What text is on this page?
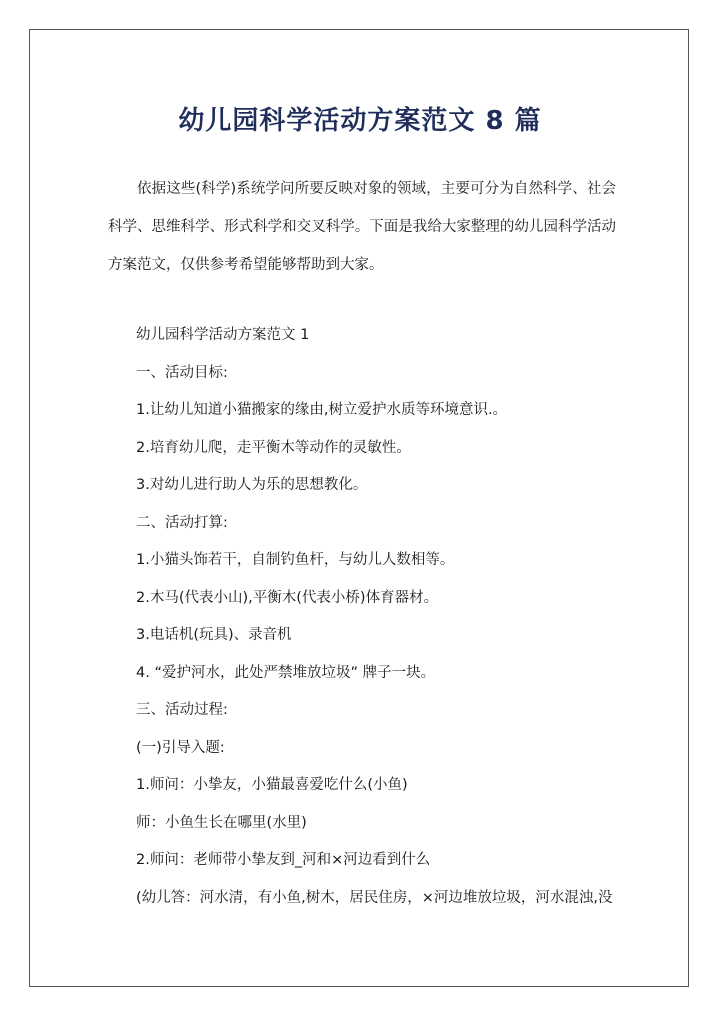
幼儿园科学活动方案范文 8 篇

依据这些(科学)系统学问所要反映对象的领域，主要可分为自然科学、社会科学、思维科学、形式科学和交叉科学。下面是我给大家整理的幼儿园科学活动方案范文，仅供参考希望能够帮助到大家。

幼儿园科学活动方案范文 1
一、活动目标:
1.让幼儿知道小猫搬家的缘由,树立爱护水质等环境意识.。
2.培育幼儿爬，走平衡木等动作的灵敏性。
3.对幼儿进行助人为乐的思想教化。
二、活动打算:
1.小猫头饰若干，自制钓鱼杆，与幼儿人数相等。
2.木马(代表小山),平衡木(代表小桥)体育器材。
3.电话机(玩具)、录音机
4. “爱护河水，此处严禁堆放垃圾” 牌子一块。
三、活动过程:
(一)引导入题:
1.师问：小挚友，小猫最喜爱吃什么(小鱼)
师：小鱼生长在哪里(水里)
2.师问：老师带小挚友到_河和×河边看到什么
(幼儿答：河水清，有小鱼,树木，居民住房，×河边堆放垃圾，河水混浊,没
